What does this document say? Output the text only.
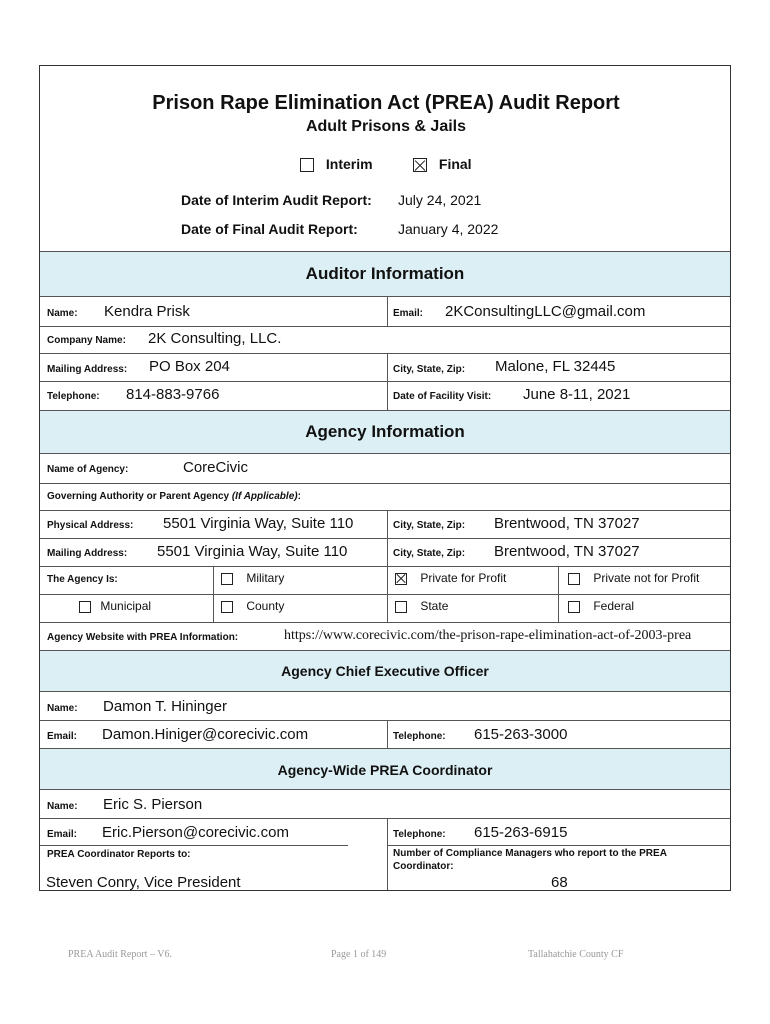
Prison Rape Elimination Act (PREA) Audit Report
Adult Prisons & Jails
Interim	Final
Date of Interim Audit Report: July 24, 2021
Date of Final Audit Report:	January 4, 2022
Auditor Information
Name: Kendra Prisk	Email: 2KConsultingLLC@gmail.com
Company Name: 2K Consulting, LLC.
Mailing Address: PO Box 204	City, State, Zip: Malone, FL 32445
Telephone: 814-883-9766	Date of Facility Visit: June 8-11, 2021
Agency Information
Name of Agency:	CoreCivic
Governing Authority or Parent Agency (If Applicable):
Physical Address: 5501 Virginia Way, Suite 110	City, State, Zip: Brentwood, TN 37027
Mailing Address: 5501 Virginia Way, Suite 110	City, State, Zip: Brentwood, TN 37027
The Agency Is:	Military	Private for Profit	Private not for Profit
Municipal	County	State	Federal
Agency Website with PREA Information:	https://www.corecivic.com/the-prison-rape-elimination-act-of-2003-prea
Agency Chief Executive Officer
Name: Damon T. Hininger
Email: Damon.Hiniger@corecivic.com	Telephone: 615-263-3000
Agency-Wide PREA Coordinator
Name: Eric S. Pierson
Email: Eric.Pierson@corecivic.com	Telephone: 615-263-6915
PREA Coordinator Reports to:
Steven Conry, Vice President
Number of Compliance Managers who report to the PREA
Coordinator:
68
PREA Audit Report – V6.	Page 1 of 149	Tallahatchie County CF
